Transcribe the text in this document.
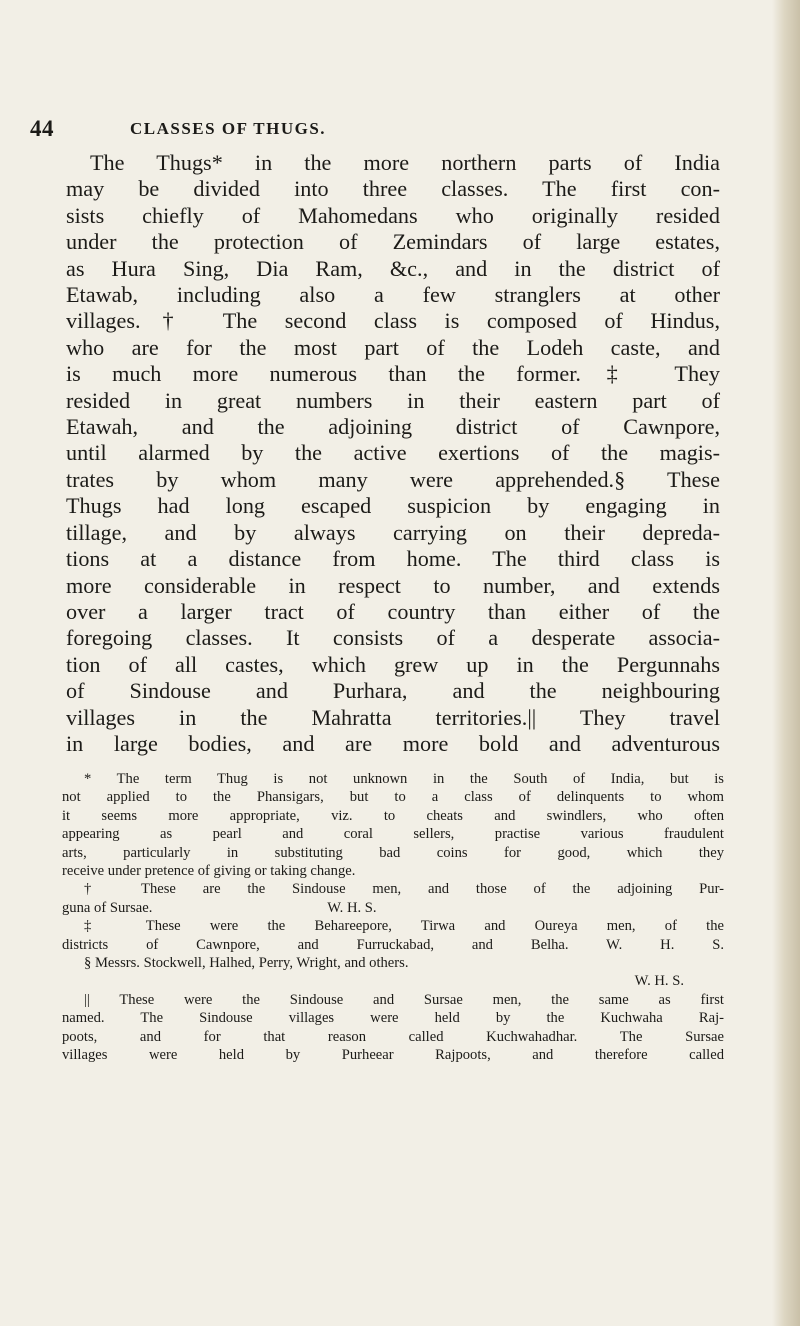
44	CLASSES OF THUGS.
The Thugs* in the more northern parts of India
may be divided into three classes. The first con-
sists chiefly of Mahomedans who originally resided
under the protection of Zemindars of large estates,
as Hura Sing, Dia Ram, &c., and in the district of
Etawab, including also a few stranglers at other
villages.† The second class is composed of Hindus,
who are for the most part of the Lodeh caste, and
is much more numerous than the former.‡ They
resided in great numbers in their eastern part of
Etawah, and the adjoining district of Cawnpore,
until alarmed by the active exertions of the magis-
trates by whom many were apprehended.§ These
Thugs had long escaped suspicion by engaging in
tillage, and by always carrying on their depreda-
tions at a distance from home. The third class is
more considerable in respect to number, and extends
over a larger tract of country than either of the
foregoing classes. It consists of a desperate associa-
tion of all castes, which grew up in the Pergunnahs
of Sindouse and Purhara, and the neighbouring
villages in the Mahratta territories.|| They travel
in large bodies, and are more bold and adventurous
* The term Thug is not unknown in the South of India, but is
not applied to the Phansigars, but to a class of delinquents to whom
it seems more appropriate, viz. to cheats and swindlers, who often
appearing as pearl and coral sellers, practise various fraudulent
arts, particularly in substituting bad coins for good, which they
receive under pretence of giving or taking change.
† These are the Sindouse men, and those of the adjoining Pur-
guna of Sursae.                                                W. H. S.
‡ These were the Behareepore, Tirwa and Oureya men, of the
districts of Cawnpore, and Furruckabad, and Belha. W. H. S.
§ Messrs. Stockwell, Halhed, Perry, Wright, and others.
W. H. S.
|| These were the Sindouse and Sursae men, the same as first
named. The Sindouse villages were held by the Kuchwaha Raj-
poots, and for that reason called Kuchwahadhar. The Sursae
villages were held by Purheear Rajpoots, and therefore called
